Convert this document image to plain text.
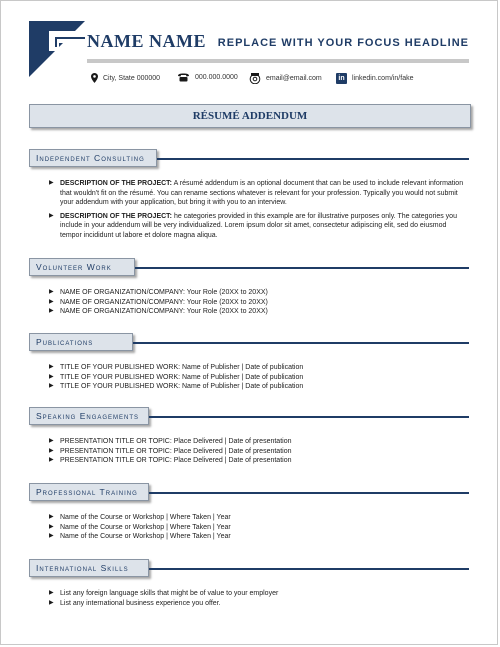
NAME NAME REPLACE WITH YOUR FOCUS HEADLINE
City, State 000000	000.000.0000	email@email.com	in	linkedin.com/in/fake
RÉSUMÉ ADDENDUM
Independent Consulting
▶ DESCRIPTION OF THE PROJECT: A résumé addendum is an optional document that can be used to include relevant information that wouldn't fit on the résumé. You can rename sections whatever is relevant for your profession. Typically you would not submit your addendum with your application, but bring it with you to an interview.
▶ DESCRIPTION OF THE PROJECT: he categories provided in this example are for illustrative purposes only. The categories you include in your addendum will be very individualized. Lorem ipsum dolor sit amet, consectetur adipiscing elit, sed do eiusmod tempor incididunt ut labore et dolore magna aliqua.
Volunteer Work
▶ NAME OF ORGANIZATION/COMPANY: Your Role (20XX to 20XX)
▶ NAME OF ORGANIZATION/COMPANY: Your Role (20XX to 20XX)
▶ NAME OF ORGANIZATION/COMPANY: Your Role (20XX to 20XX)
Publications
▶ TITLE OF YOUR PUBLISHED WORK: Name of Publisher | Date of publication
▶ TITLE OF YOUR PUBLISHED WORK: Name of Publisher | Date of publication
▶ TITLE OF YOUR PUBLISHED WORK: Name of Publisher | Date of publication
Speaking Engagements
▶ PRESENTATION TITLE OR TOPIC: Place Delivered | Date of presentation
▶ PRESENTATION TITLE OR TOPIC: Place Delivered | Date of presentation
▶ PRESENTATION TITLE OR TOPIC: Place Delivered | Date of presentation
Professional Training
▶ Name of the Course or Workshop | Where Taken | Year
▶ Name of the Course or Workshop | Where Taken | Year
▶ Name of the Course or Workshop | Where Taken | Year
International Skills
▶ List any foreign language skills that might be of value to your employer
▶ List any international business experience you offer.
